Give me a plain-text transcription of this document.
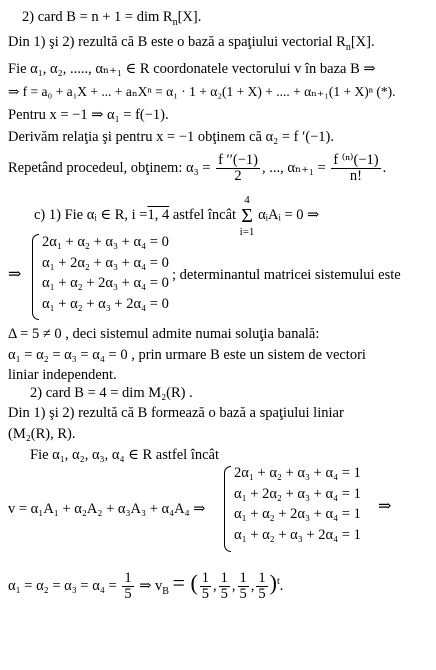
2) card B = n + 1 = dim $R_n[X]$.
Din 1) şi 2) rezultă că B este o bază a spaţiului vectorial $R_n[X]$.
Fie α₁, α₂, ....., αₙ₊₁ ∈ R coordonatele vectorului v în baza B ⇒
⇒ f = a₀ + a₁X + ... + aₙXⁿ = α₁ · 1 + α₂(1 + X) + .... + αₙ₊₁(1 + X)ⁿ (*).
Pentru x = −1 ⇒ α₁ = f(−1).
Derivăm relaţia şi pentru x = −1 obţinem că α₂ = f ′(−1).
Repetând procedeul, obţinem: $\alpha_3 = \frac{f ''(-1)}{2}$ , ..., $\alpha_{n+1} = \frac{\text{f ⁽ⁿ⁾(−1)}}{n!}$ .
c) 1) Fie αᵢ ∈ R, i =1, 4 astfel încât
4
Σ
i=1
αᵢAᵢ = 0 ⇒
⇒
2α₁ + α₂ + α₃ + α₄ = 0
α₁ + 2α₂ + α₃ + α₄ = 0
α₁ + α₂ + 2α₃ + α₄ = 0
α₁ + α₂ + α₃ + 2α₄ = 0
; determinantul matricei sistemului este
Δ = 5 ≠ 0 , deci sistemul admite numai soluţia banală:
α₁ = α₂ = α₃ = α₄ = 0 , prin urmare B este un sistem de vectori
liniar independent.
2) card B = 4 = dim M₂(R) .
Din 1) şi 2) rezultă că B formează o bază a spaţiului liniar
(M₂(R), R).
Fie α₁, α₂, α₃, α₄ ∈ R astfel încât
v = α₁A₁ + α₂A₂ + α₃A₃ + α₄A₄ ⇒
2α₁ + α₂ + α₃ + α₄ = 1
α₁ + 2α₂ + α₃ + α₄ = 1
α₁ + α₂ + 2α₃ + α₄ = 1
α₁ + α₂ + α₃ + 2α₄ = 1
⇒
$\alpha_1 = \alpha_2 = \alpha_3 = \alpha_4 = \frac{1}{5}$ ⇒ $v_B$ = ( $\frac{1}{5}$ , $\frac{1}{5}$ , $\frac{1}{5}$ , $\frac{1}{5} )^t$.
